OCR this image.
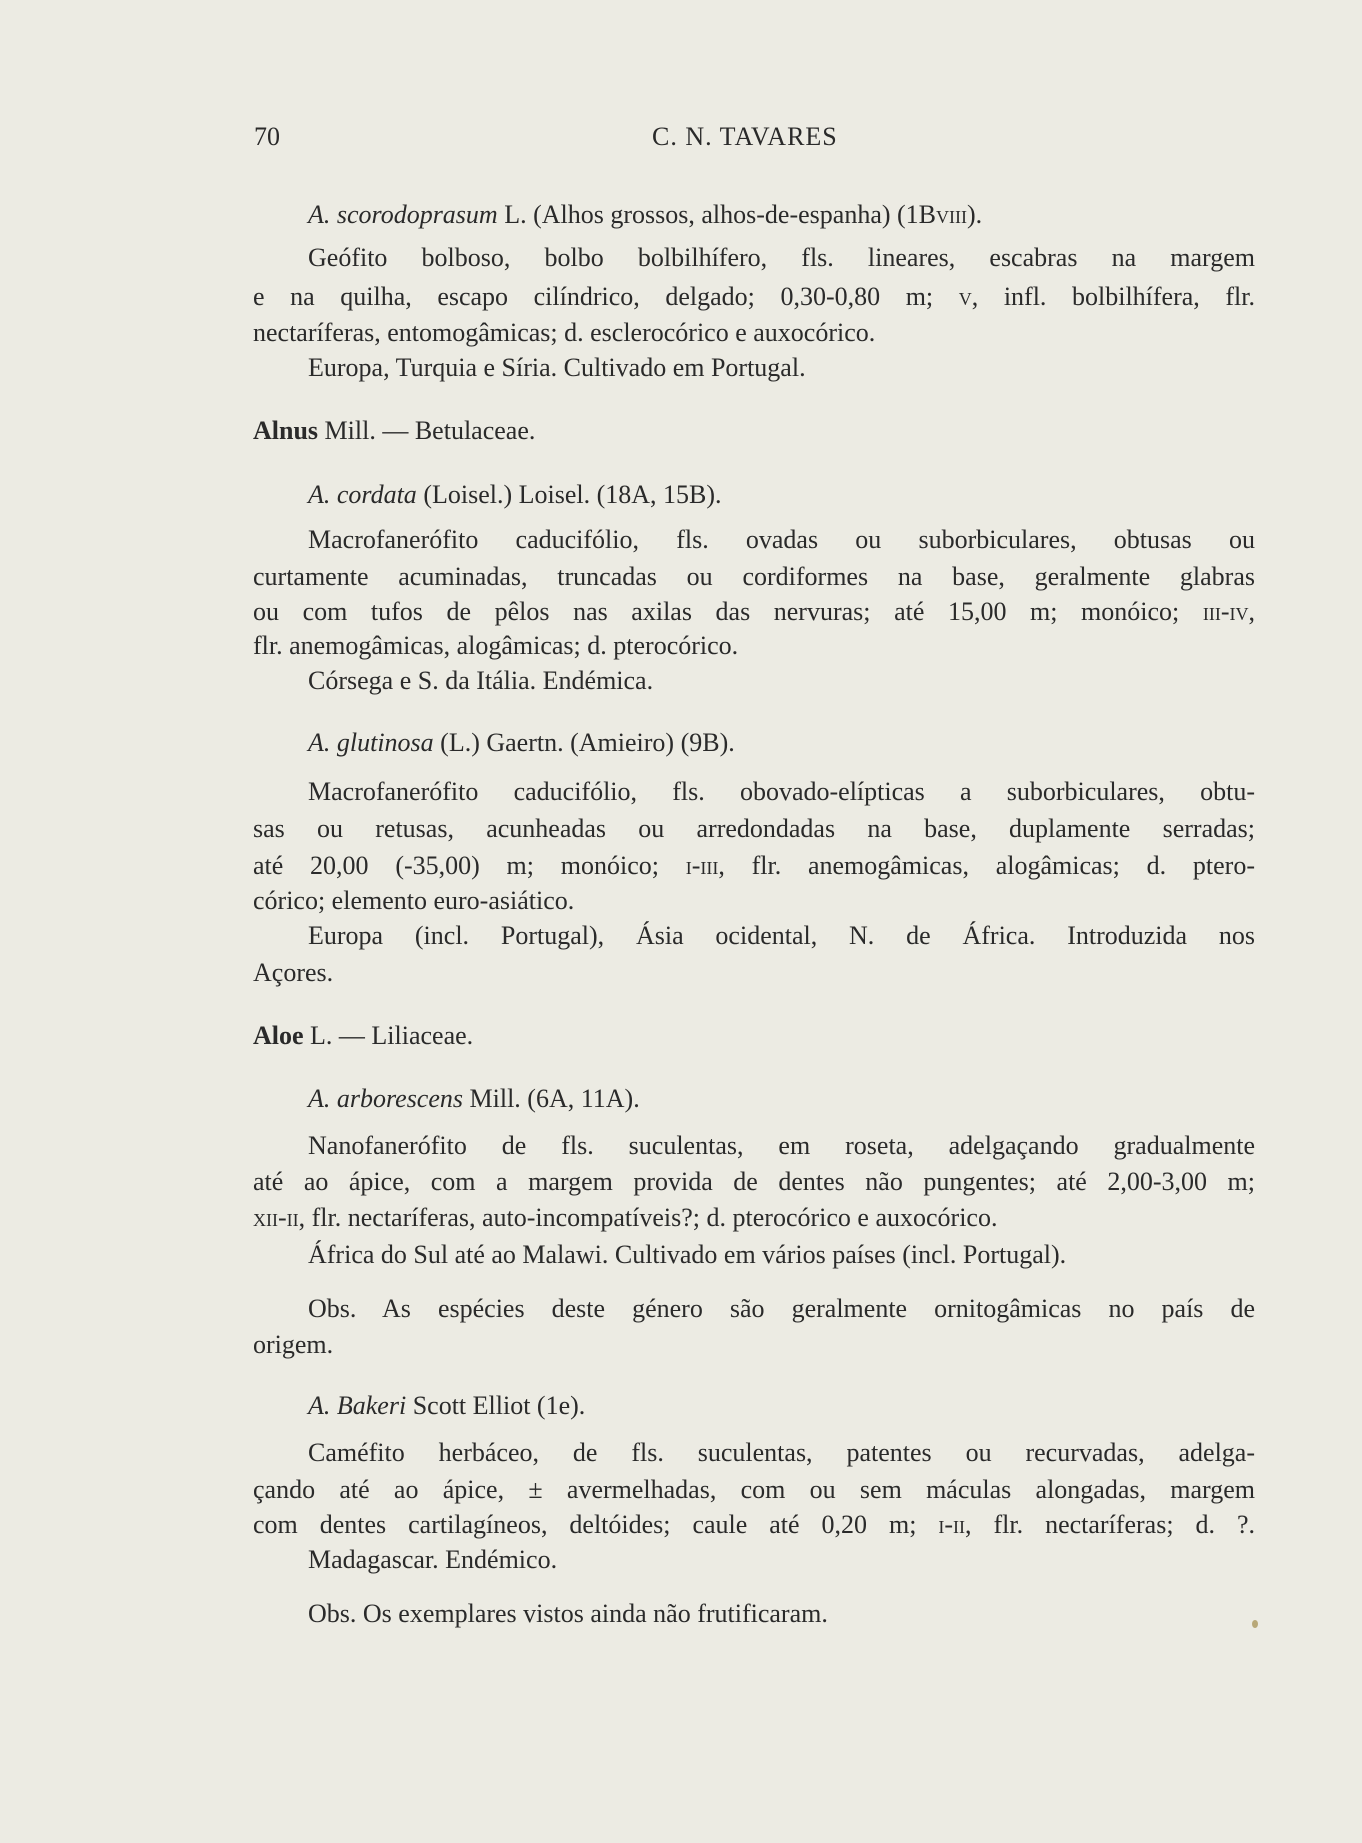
70	C. N. TAVARES
A. scorodoprasum L. (Alhos grossos, alhos-de-espanha) (1Bviii).
Geófito bolboso, bolbo bolbilhífero, fls. lineares, escabras na margem
e na quilha, escapo cilíndrico, delgado; 0,30-0,80 m; v, infl. bolbilhífera, flr.
nectaríferas, entomogâmicas; d. esclerocórico e auxocórico.
Europa, Turquia e Síria. Cultivado em Portugal.
Alnus Mill. — Betulaceae.
A. cordata (Loisel.) Loisel. (18A, 15B).
Macrofanerófito caducifólio, fls. ovadas ou suborbiculares, obtusas ou
curtamente acuminadas, truncadas ou cordiformes na base, geralmente glabras
ou com tufos de pêlos nas axilas das nervuras; até 15,00 m; monóico; iii-iv,
flr. anemogâmicas, alogâmicas; d. pterocórico.
Córsega e S. da Itália. Endémica.
A. glutinosa (L.) Gaertn. (Amieiro) (9B).
Macrofanerófito caducifólio, fls. obovado-elípticas a suborbiculares, obtu-
sas ou retusas, acunheadas ou arredondadas na base, duplamente serradas;
até 20,00 (-35,00) m; monóico; i-iii, flr. anemogâmicas, alogâmicas; d. ptero-
córico; elemento euro-asiático.
Europa (incl. Portugal), Ásia ocidental, N. de África. Introduzida nos
Açores.
Aloe L. — Liliaceae.
A. arborescens Mill. (6A, 11A).
Nanofanerófito de fls. suculentas, em roseta, adelgaçando gradualmente
até ao ápice, com a margem provida de dentes não pungentes; até 2,00-3,00 m;
xii-ii, flr. nectaríferas, auto-incompatíveis?; d. pterocórico e auxocórico.
África do Sul até ao Malawi. Cultivado em vários países (incl. Portugal).
Obs. As espécies deste género são geralmente ornitogâmicas no país de
origem.
A. Bakeri Scott Elliot (1e).
Caméfito herbáceo, de fls. suculentas, patentes ou recurvadas, adelga-
çando até ao ápice, ± avermelhadas, com ou sem máculas alongadas, margem
com dentes cartilagíneos, deltóides; caule até 0,20 m; i-ii, flr. nectaríferas; d. ?.
Madagascar. Endémico.
Obs. Os exemplares vistos ainda não frutificaram.
